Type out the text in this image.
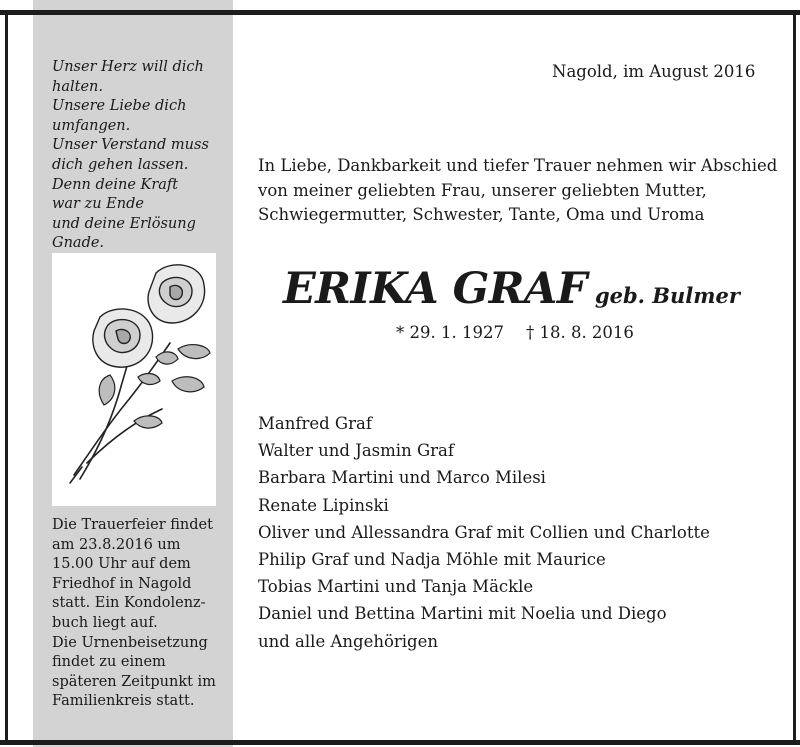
Unser Herz will dich
halten.
Unsere Liebe dich
umfangen.
Unser Verstand muss
dich gehen lassen.
Denn deine Kraft
war zu Ende
und deine Erlösung
Gnade.

Die Trauerfeier findet
am 23.8.2016 um
15.00 Uhr auf dem
Friedhof in Nagold
statt. Ein Kondolenz-
buch liegt auf.
Die Urnenbeisetzung
findet zu einem
späteren Zeitpunkt im
Familienkreis statt.

Nagold, im August 2016

In Liebe, Dankbarkeit und tiefer Trauer nehmen wir Abschied
von meiner geliebten Frau, unserer geliebten Mutter,
Schwiegermutter, Schwester, Tante, Oma und Uroma

ERIKA GRAF geb. Bulmer
* 29. 1. 1927 † 18. 8. 2016
Manfred Graf
Walter und Jasmin Graf
Barbara Martini und Marco Milesi
Renate Lipinski
Oliver und Allessandra Graf mit Collien und Charlotte
Philip Graf und Nadja Möhle mit Maurice
Tobias Martini und Tanja Mäckle
Daniel und Bettina Martini mit Noelia und Diego
und alle Angehörigen
